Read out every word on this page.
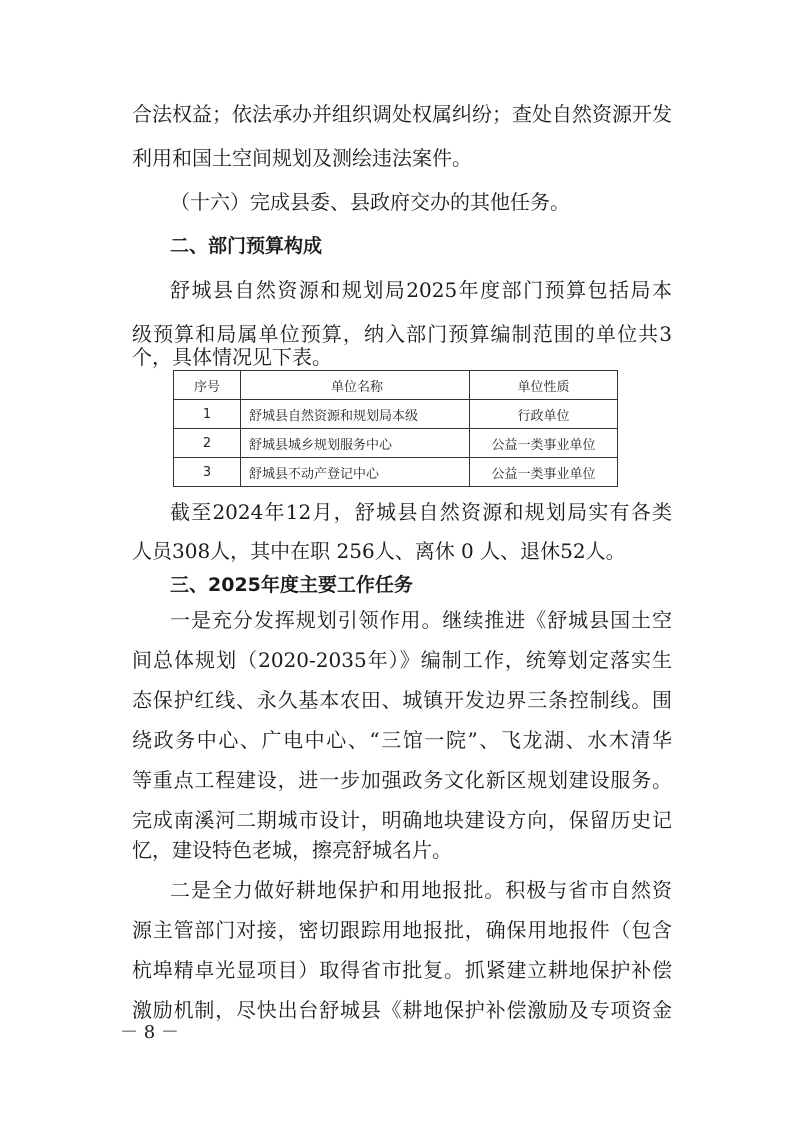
合法权益；依法承办并组织调处权属纠纷；查处自然资源开发
利用和国土空间规划及测绘违法案件。
（十六）完成县委、县政府交办的其他任务。
二、部门预算构成
舒城县自然资源和规划局2025年度部门预算包括局本
级预算和局属单位预算，纳入部门预算编制范围的单位共3
个，具体情况见下表。
序号	单位名称	单位性质
1	舒城县自然资源和规划局本级	行政单位
2	舒城县城乡规划服务中心	公益一类事业单位
3	舒城县不动产登记中心	公益一类事业单位
截至2024年12月，舒城县自然资源和规划局实有各类
人员308人，其中在职 256人、离休 0 人、退休52人。
三、2025年度主要工作任务
一是充分发挥规划引领作用。继续推进《舒城县国土空
间总体规划（2020-2035年）》编制工作，统筹划定落实生
态保护红线、永久基本农田、城镇开发边界三条控制线。围
绕政务中心、广电中心、“三馆一院”、飞龙湖、水木清华
等重点工程建设，进一步加强政务文化新区规划建设服务。
完成南溪河二期城市设计，明确地块建设方向，保留历史记
忆，建设特色老城，擦亮舒城名片。
二是全力做好耕地保护和用地报批。积极与省市自然资
源主管部门对接，密切跟踪用地报批，确保用地报件（包含
杭埠精卓光显项目）取得省市批复。抓紧建立耕地保护补偿
激励机制，尽快出台舒城县《耕地保护补偿激励及专项资金
－ 8 －
